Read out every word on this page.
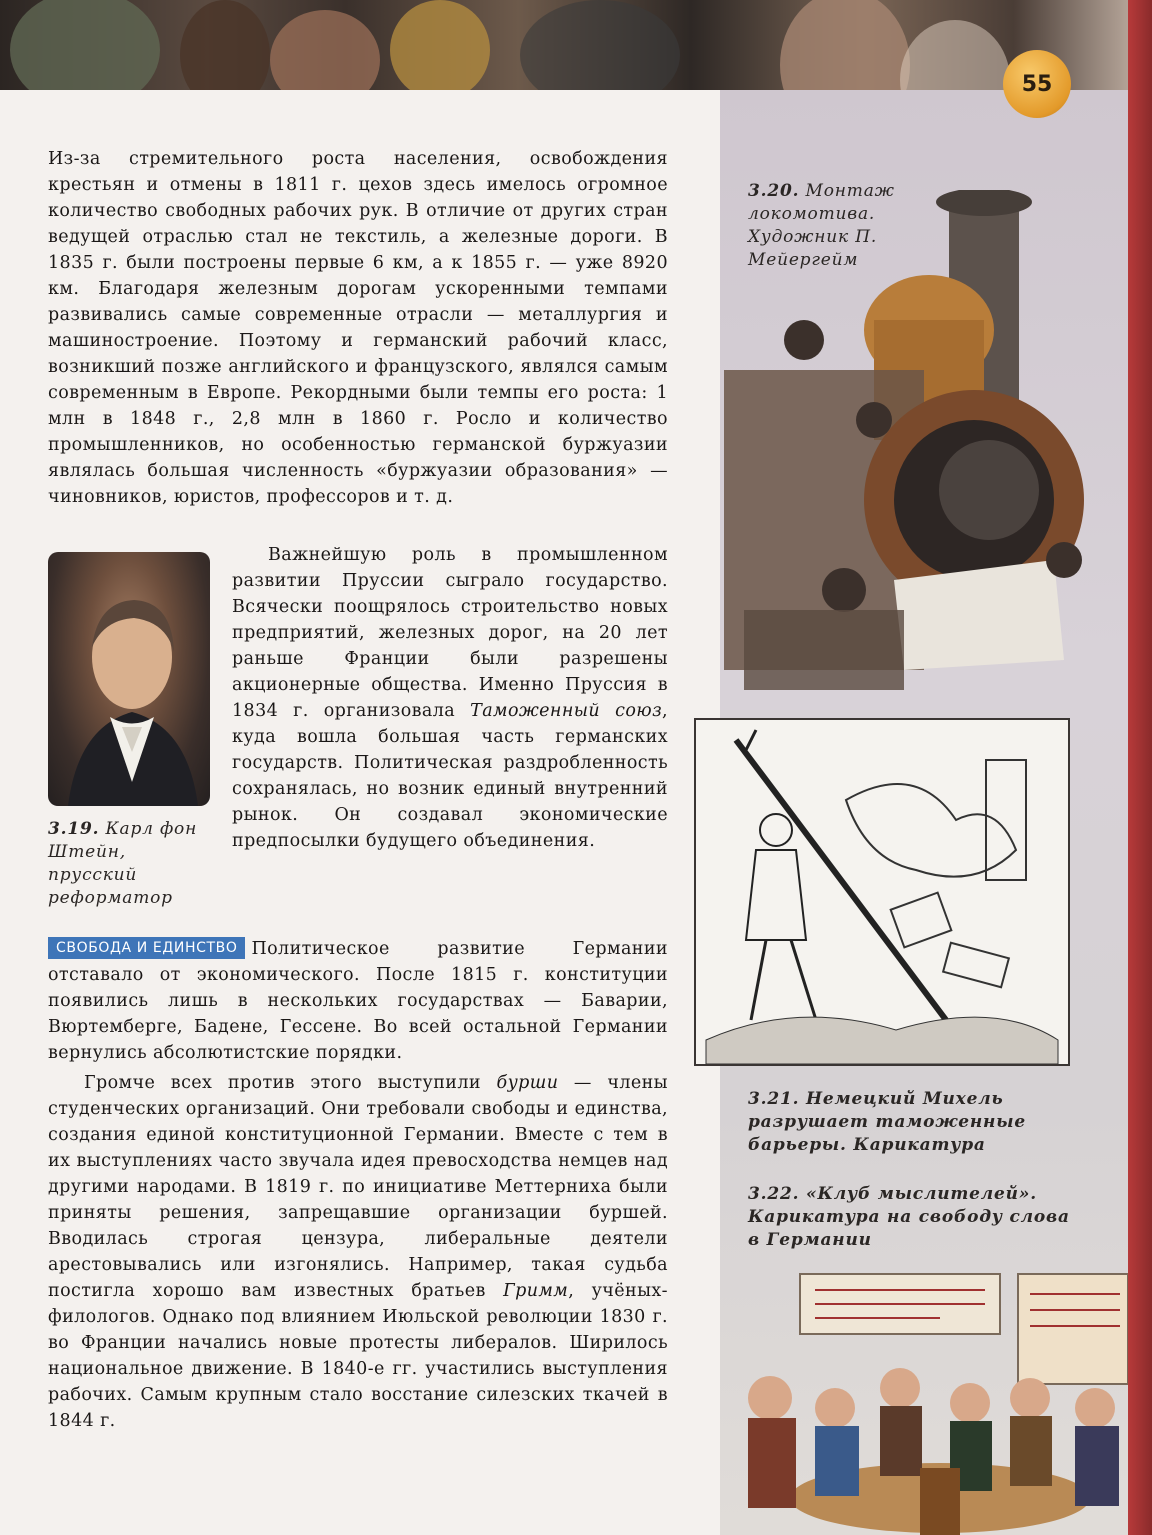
55

Из-за стремительного роста населения, освобождения крестьян и отмены в 1811 г. цехов здесь имелось огромное количество свободных рабочих рук. В отличие от других стран ведущей отраслью стал не текстиль, а железные дороги. В 1835 г. были построены первые 6 км, а к 1855 г. — уже 8920 км. Благодаря железным дорогам ускоренными темпами развивались самые современные отрасли — металлургия и машиностроение. Поэтому и германский рабочий класс, возникший позже английского и французского, являлся самым современным в Европе. Рекордными были темпы его роста: 1 млн в 1848 г., 2,8 млн в 1860 г. Росло и количество промышленников, но особенностью германской буржуазии являлась большая численность «буржуазии образования» — чиновников, юристов, профессоров и т. д.

3.19. Карл фон Штейн, прусский реформатор

Важнейшую роль в промышленном развитии Пруссии сыграло государство. Всячески поощрялось строительство новых предприятий, железных дорог, на 20 лет раньше Франции были разрешены акционерные общества. Именно Пруссия в 1834 г. организовала Таможенный союз, куда вошла большая часть германских государств. Политическая раздробленность сохранялась, но возник единый внутренний рынок. Он создавал экономические предпосылки будущего объединения.

СВОБОДА И ЕДИНСТВО Политическое развитие Германии отставало от экономического. После 1815 г. конституции появились лишь в нескольких государствах — Баварии, Вюртемберге, Бадене, Гессене. Во всей остальной Германии вернулись абсолютистские порядки.

Громче всех против этого выступили бурши — члены студенческих организаций. Они требовали свободы и единства, создания единой конституционной Германии. Вместе с тем в их выступлениях часто звучала идея превосходства немцев над другими народами. В 1819 г. по инициативе Меттерниха были приняты решения, запрещавшие организации буршей. Вводилась строгая цензура, либеральные деятели арестовывались или изгонялись. Например, такая судьба постигла хорошо вам известных братьев Гримм, учёных-филологов. Однако под влиянием Июльской революции 1830 г. во Франции начались новые протесты либералов. Ширилось национальное движение. В 1840-е гг. участились выступления рабочих. Самым крупным стало восстание силезских ткачей в 1844 г.

3.20. Монтаж локомотива. Художник П. Мейергейм

3.21. Немецкий Михель разрушает таможенные барьеры. Карикатура

3.22. «Клуб мыслителей». Карикатура на свободу слова в Германии
